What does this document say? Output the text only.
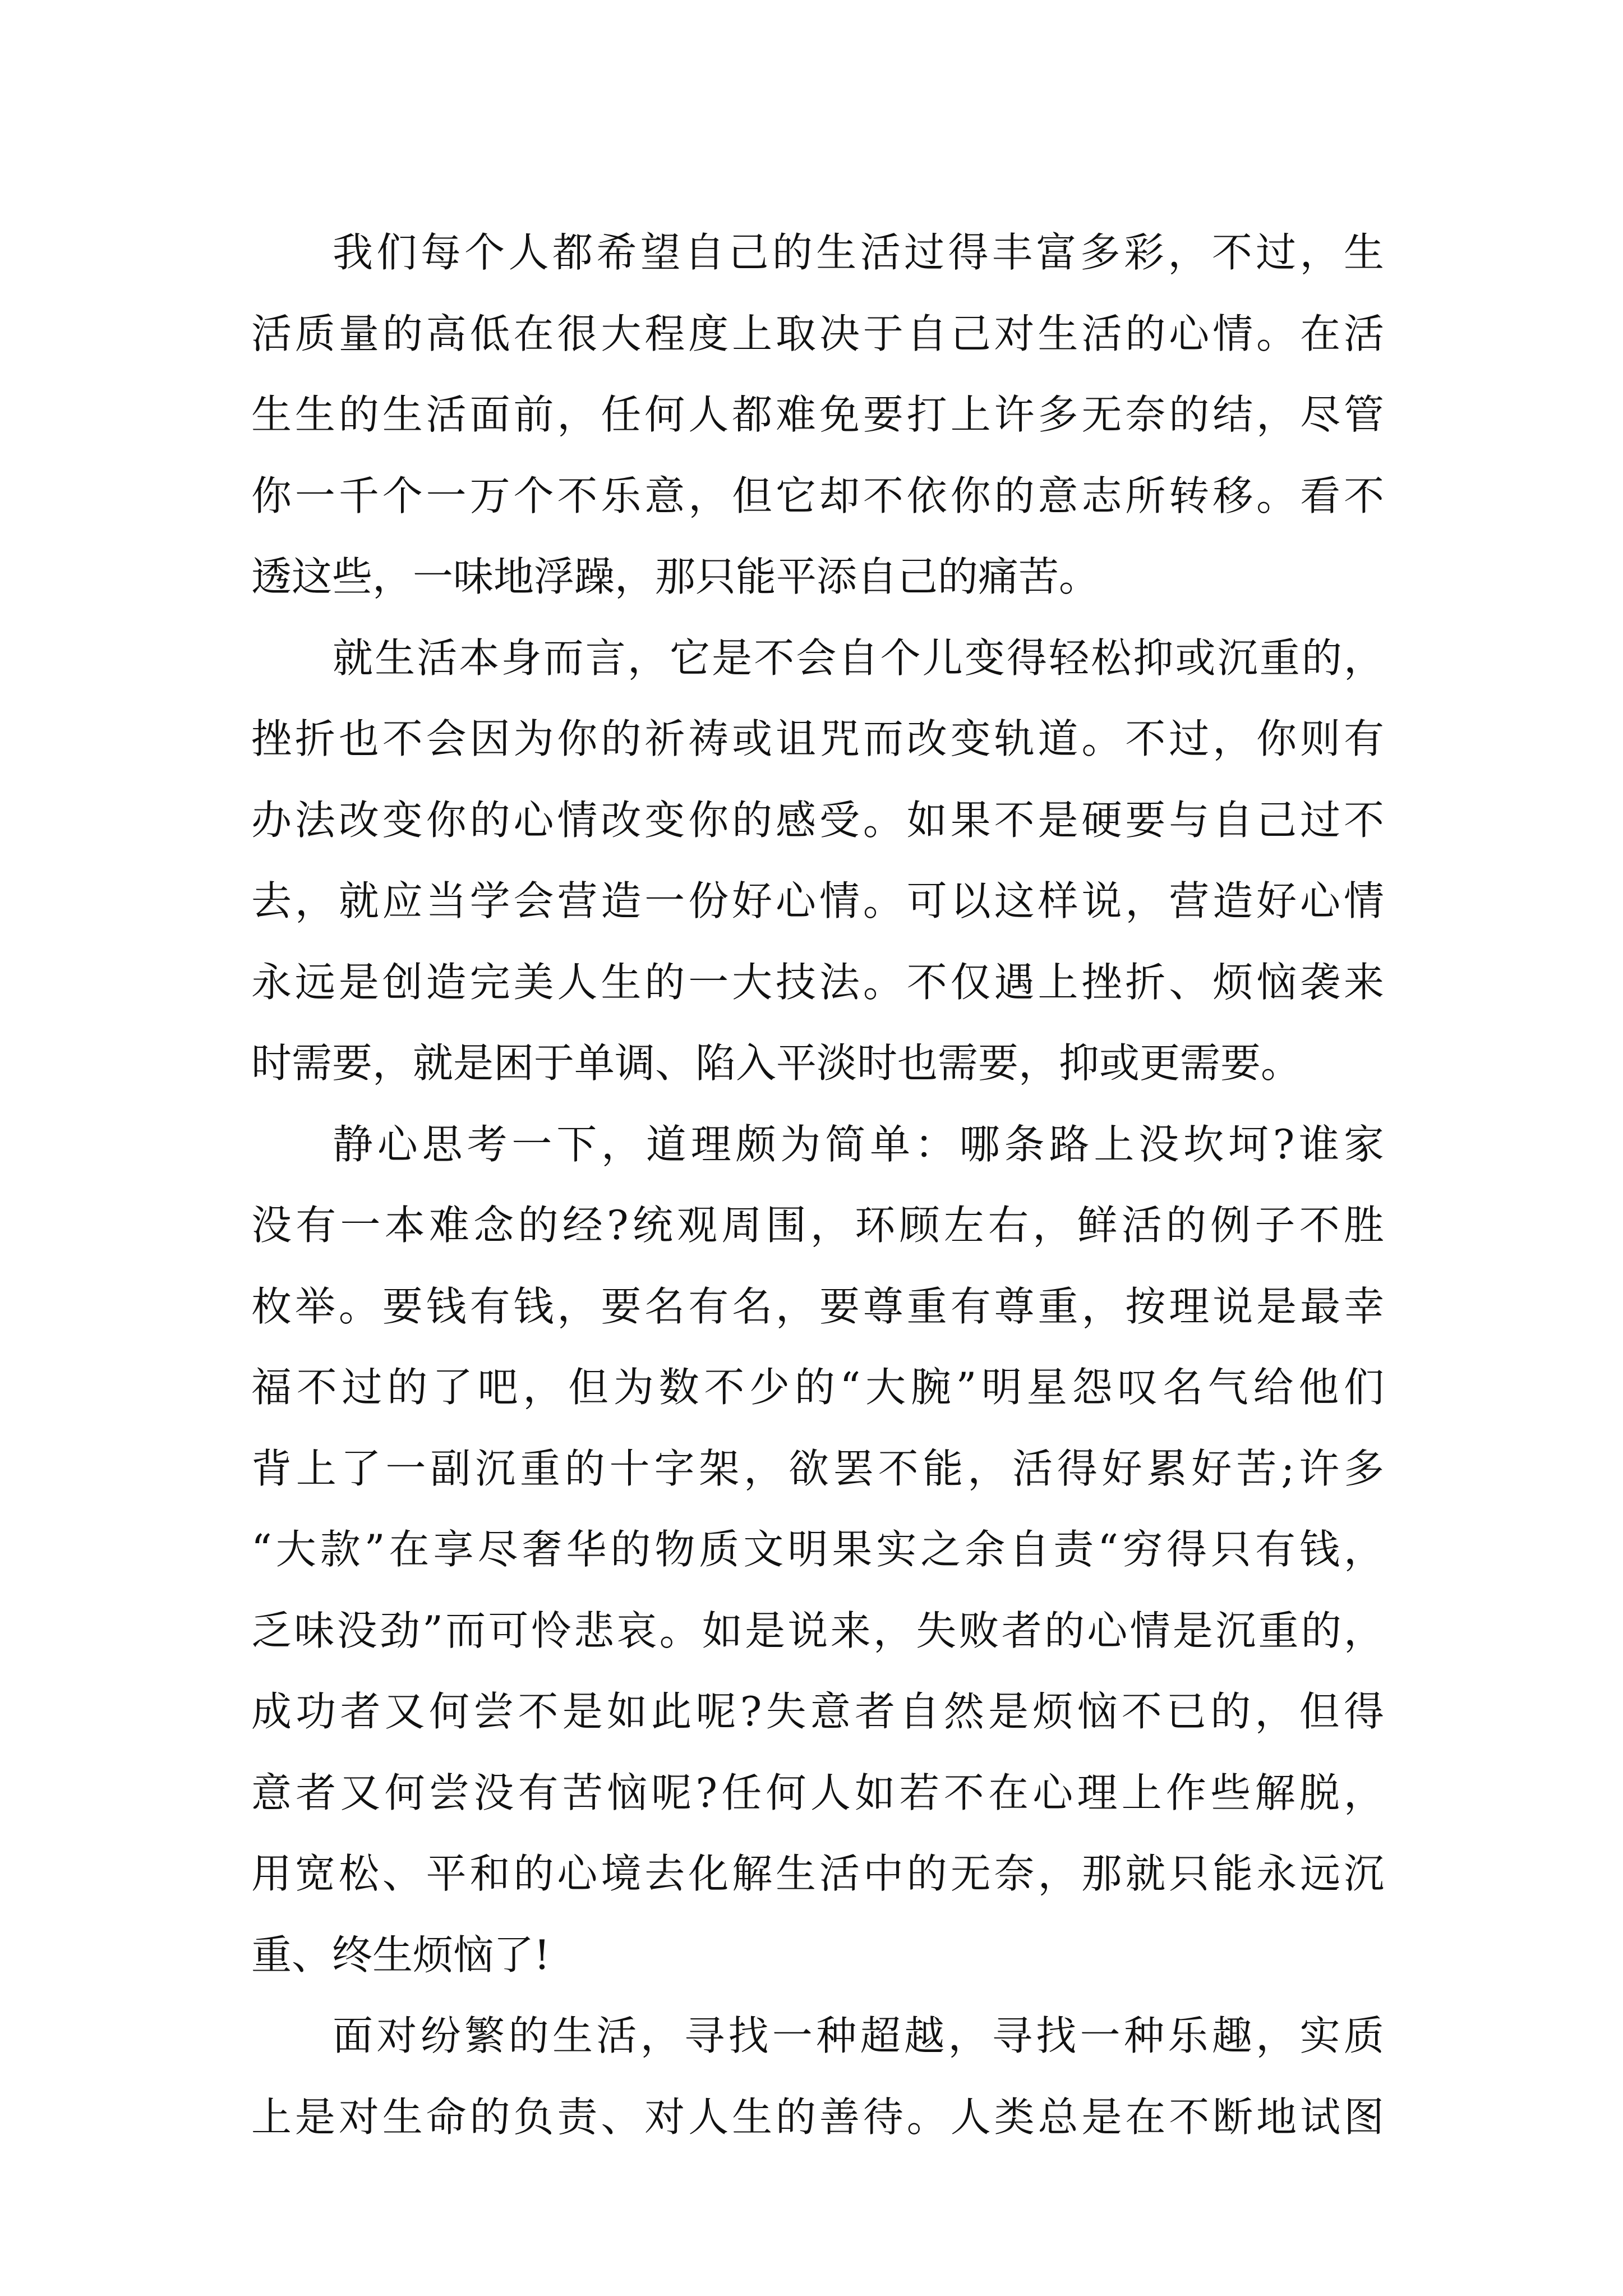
我们每个人都希望自己的生活过得丰富多彩，不过，生
活质量的高低在很大程度上取决于自己对生活的心情。在活
生生的生活面前，任何人都难免要打上许多无奈的结，尽管
你一千个一万个不乐意，但它却不依你的意志所转移。看不
透这些，一味地浮躁，那只能平添自己的痛苦。
就生活本身而言，它是不会自个儿变得轻松抑或沉重的，
挫折也不会因为你的祈祷或诅咒而改变轨道。不过，你则有
办法改变你的心情改变你的感受。如果不是硬要与自己过不
去，就应当学会营造一份好心情。可以这样说，营造好心情
永远是创造完美人生的一大技法。不仅遇上挫折、烦恼袭来
时需要，就是困于单调、陷入平淡时也需要，抑或更需要。
静心思考一下，道理颇为简单：哪条路上没坎坷?谁家
没有一本难念的经?统观周围，环顾左右，鲜活的例子不胜
枚举。要钱有钱，要名有名，要尊重有尊重，按理说是最幸
福不过的了吧，但为数不少的“大腕”明星怨叹名气给他们
背上了一副沉重的十字架，欲罢不能，活得好累好苦;许多
“大款”在享尽奢华的物质文明果实之余自责“穷得只有钱，
乏味没劲”而可怜悲哀。如是说来，失败者的心情是沉重的，
成功者又何尝不是如此呢?失意者自然是烦恼不已的，但得
意者又何尝没有苦恼呢?任何人如若不在心理上作些解脱，
用宽松、平和的心境去化解生活中的无奈，那就只能永远沉
重、终生烦恼了!
面对纷繁的生活，寻找一种超越，寻找一种乐趣，实质
上是对生命的负责、对人生的善待。人类总是在不断地试图
